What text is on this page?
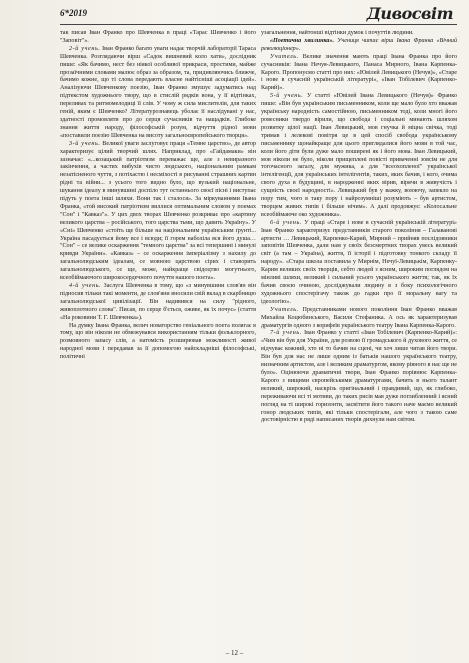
6*2019	Дивосвіт

так писав Іван Франко про Шевченка в праці «Тарас Шевченко і його "Заповіт"».

2-й учень. Іван Франко багато уваги надає творчій лабораторії Тараса Шевченка. Розглядаючи вірш «Садок вишневий коло хати», дослідник пише: «Як бачимо, нест без ніякої особливої прикраси, простими, майже прозаїчними словами малює образ за образом, та, придивляючись ближче, бачимо кожне, що ті слова передають власне найтісніші асоціації ідей». Аналізуючи Шевченкову поезію, Іван Франко змушує задуматись над підтекстом художнього твору, що в стислій рядків вона, у її відтінках, переливах та ритмомелодиці її слів. У чому ж сила мислителів, для таких геній, яким є Шевченко? Літературознавець уболає її наслідувані у нас, здатності промовляти про до серця сучасників та нащадків. Глибоке знання життя народу, філософській розум, відчуття рідної мови «поставили поезію Шевченка на висоту загальноєвропейського творця».

3-й учень. Великої уваги заслуговує праця «Темне царство», де автор характеризує цілий творчий шлях. Наприклад, про «Гайдамаки» він зазначає: «...козацький патріотизм переважає ще, але з невиразного закінчення, а частих вибухів чисто людського, національним рамкам незатісненого чуття, з потіхастю і несміхості в рисуванні страшних картин рідні та війни... з усього того видно було, що вузький національне, шукання ідеалу в минувшині доспіло тут останнього своєї пісні і виступає підуть у поета інші шляхи. Вони так і сталося». За міркуваннями Івана Франка, «той високий патріотизм виллися оптимальним словом у поемах "Сон" і "Кавказ"». У цих двох творах Шевченко розкриває про «картину великого царства – російського, того царства тьми, що давить Україну». У «Сні» Шевченко «стоїть ще більше на національним українським ґрунті... Україна пасадується йому все і всюди; її горем наболіла вся його душа… "Сон" – се велике оскарження "темного царства" за всі тепершині і минулі кривди України». «Кавказ» – се оскарження імперіалізму з нахилу до загальнолюдським ідеалам, се мовною царствою сірих і ставорить загальнолюдського, се ще, може, найкраще свідоцтво могутнього, всеобіймаючого широкосердечного почуття нашого поета».

4-й учень. Заслуга Шевченка в тому, що «з минувшини слов'ян він підносив тільки такі моменти, де слов'яни вносили свій вклад в скарбницю загальнолюдської цивілізації. Він надивився на силу "рідного, живоплотного слова". Писав, по серце б'ється, оживе, як їх почує» (стаття «На роковини Т. Г. Шевченка»).

На думку Івана Франка, велич новаторство геніального поета полягає в тому, що він ніколи не обмежувався використанням тільки фольклорного, розмовного запасу слів, а натомість розширював можливості живої народної мови і передавав за її допомогою найскладніші філософські, політичні

узагальнення, найтонші відтінки думок і почуттів людини.

«Поетична хвилинка». Учениця читає вірш Івана Франка «Вічний революціонер».

Учитель. Велике значення мають праці Івана Франка про його сучасників: Івана Нечуя-Левицького, Панаса Мирного, Івана Карпенка-Карого. Пропонуємо статті про них: «Ювілей Левицького (Нечуя)», «Старе і нове в сучасній українській літературі», «Іван Тобілевич (Карпенко-Карий)».

5-й учень. У статті «Ювілей Івана Левицького (Нечуя)» Франко пише: «Він був українським письменником, коли ще мало було хто вважав українську народність самостійною, письменником тоді, коли многі його ровесники твердо вірили, що свобода і соціальні минають шляхом розвитку цілої нації. Іван Левицький, мов гнучка й міцна свічка, тоді тримав і лелекові повітря це в цей спосіб свобода українському письменнику щонайкраще для цього приглядалися його мови в той час, коли його діти були дуже мало поширені як і його мова. Іван Левицький, мов ніколи не було, ніколи прищеплені повісті приваченні зовсім не для тогочасного загалу, для мужика, а для "всеохопленої" української інтелігенції, для українських інтелігентів, таких, яких бачив, і кого, очима свого духа в будущині, в народженні яких вірив, вірячи в живучість і сущність своєї народності». Левицький був у важку, воюючу, запекло на пору тим, чого в таку пору і найрозумніші розуміють – був артистом, творцем живих типів і більше нічим». А далі продовжує: «Колосальне всеобіймаюче око художника».

6-й учень. У праці «Старе і нове в сучасній українській літературі» Іван Франко характеризує представників старого покоління – Галаванові артисти … Левицький, Карпенко-Карий, Мирний – прийняв послідовники заповітів Шевченка, дали нам у своїх безсмертних творах увесь великий світ (а там – Україна), життя, її історії і підготовку тонкого складу її народу». «Стара школа поставила у Мирнім, Нечуї-Левицькім, Карпенку-Карим великих своїх творців, себто людей з ясним, широким поглядом на мінливі шляхи, великий і сильний усього українського життя; так, як їх бачив своєю очиною, досліджували людину в з боку психологічного художнього спостерігачу також до гадки про її моральну вагу та ідеологію».

Учитель. Представниками нового покоління Іван Франко вважав Михайла Коцюбинського, Василя Стефаника. А ось як характеризував драматургів одного з корифеїв українського театру Івана Карпенка-Карого.

7-й учень. Іван Франко у статті «Іван Тобілевич (Карпенко-Карий)»: «Чим він був для України, для розвою її громадського й духового життя, се відчуває кожний, хто ні то бачив на сцені, чи хоч лише читав його твори. Він був для нас не лише одним із батьків нашого українського театру, визначним артистом, але і великим драматургом, якому рівного в нас ще не було». Оцінюючи драматичні твори, Іван Франко порівнює Карпенка-Карого з вищими європейськими драматургами, бачить в нього талант великий, широкий, наскрізь оригінальний і правдивий, що, як глибоко, переживаючи всі ті мотиви, до таких рисів мав дуже поглибленний і ясний погляд на ті широкі горизонти, засвітити його такого наче маємо великий гонор людських типів, які тільки спостерігали, але чого з такою саме достовірністю в ряді написаних творів дихнули нам світом.

– 12 –
